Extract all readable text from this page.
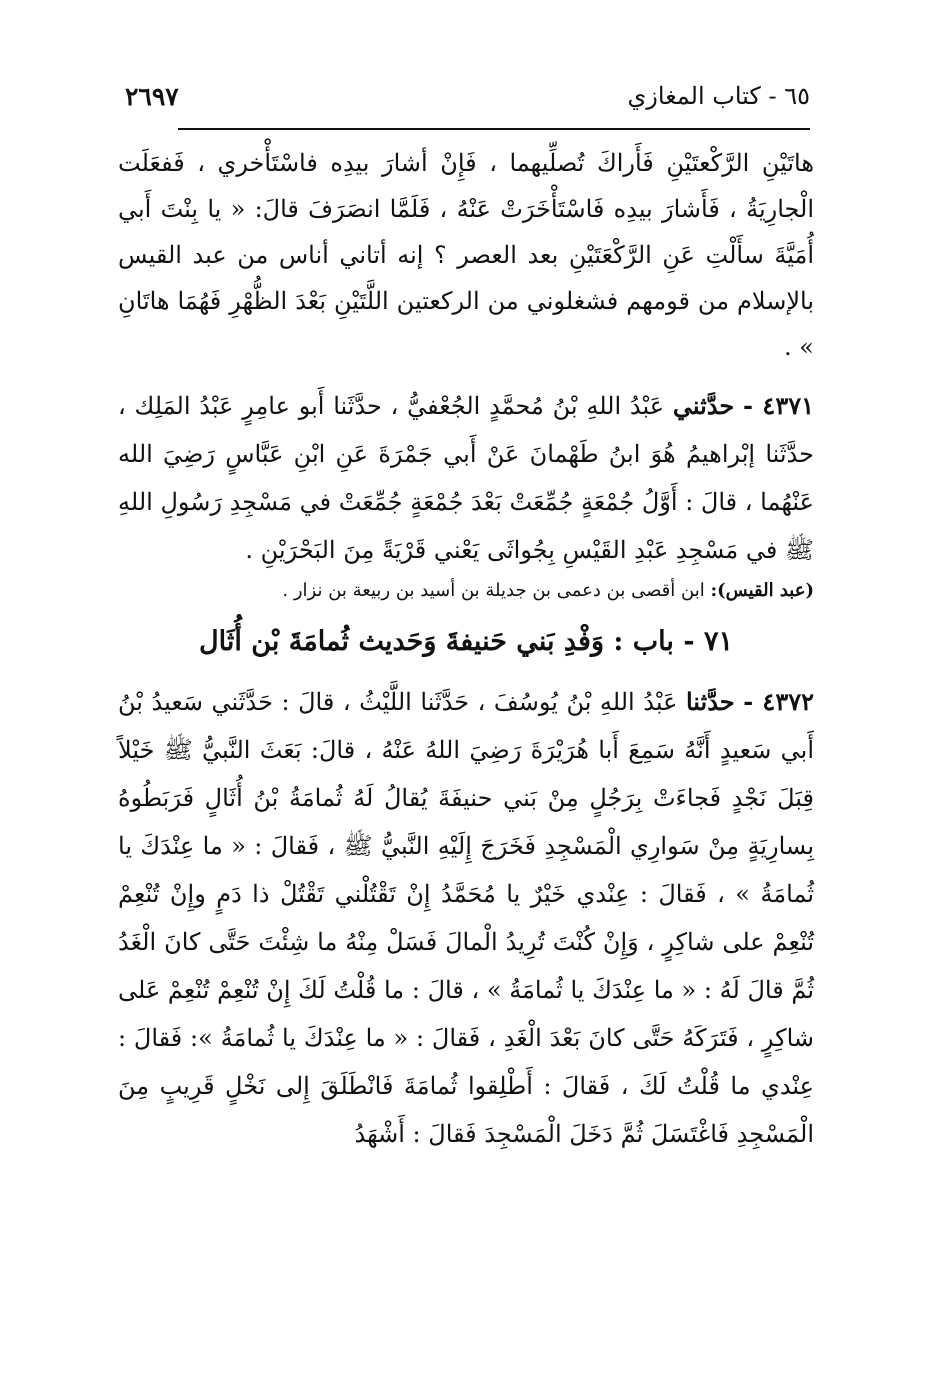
٦٥ - كتاب المغازي
٢٦٩٧

هاتَيْنِ الرَّكْعتَيْنِ فَأَراكَ تُصلِّيهما ، فَإِنْ أشارَ بيدِه فاسْتَأْخري ، فَفعَلَت الْجارِيَةُ ، فَأَشارَ بيدِه فَاسْتَأْخَرَتْ عَنْهُ ، فَلَمَّا انصَرَفَ قالَ: « يا بِنْتَ أَبي أُمَيَّةَ سأَلْتِ عَنِ الرَّكْعَتَيْنِ بعد العصر ؟ إنه أتاني أناس من عبد القيس بالإسلام من قومهم فشغلوني من الركعتين اللَّتَيْنِ بَعْدَ الظُّهْرِ فَهُمَا هاتَانِ » .

٤٣٧١ - حدَّثني عَبْدُ اللهِ بْنُ مُحمَّدٍ الجُعْفيُّ ، حدَّثَنا أَبو عامِرٍ عَبْدُ المَلِك ، حدَّثَنا إبْراهيمُ هُوَ ابنُ طَهْمانَ عَنْ أَبي جَمْرَةَ عَنِ ابْنِ عَبَّاسٍ رَضِيَ الله عَنْهُما ، قالَ : أَوَّلُ جُمْعَةٍ جُمِّعَتْ بَعْدَ جُمْعَةٍ جُمِّعَتْ في مَسْجِدِ رَسُولِ اللهِ ﷺ في مَسْجِدِ عَبْدِ القَيْسِ بِجُواثَى يَعْني قَرْيَةً مِنَ البَحْرَيْنِ .

(عبد القيس): ابن أقصى بن دعمى بن جديلة بن أسيد بن ربيعة بن نزار .

٧١ - باب : وَفْدِ بَني حَنيفةَ وَحَديث ثُمامَةَ بْن أُثَال

٤٣٧٢ - حدَّثنا عَبْدُ اللهِ بْنُ يُوسُفَ ، حَدَّثَنا اللَّيْثُ ، قالَ : حَدَّثَني سَعيدُ بْنُ أَبي سَعيدٍ أَنَّهُ سَمِعَ أَبا هُرَيْرَةَ رَضِيَ اللهُ عَنْهُ ، قالَ: بَعَثَ النَّبيُّ ﷺ خَيْلاً قِبَلَ نَجْدٍ فَجاءَتْ بِرَجُلٍ مِنْ بَني حنيفَةَ يُقالُ لَهُ ثُمامَةُ بْنُ أُثَالٍ فَرَبَطُوهُ بِسارِيَةٍ مِنْ سَوارِي الْمَسْجِدِ فَخَرَجَ إِلَيْهِ النَّبيُّ ﷺ ، فَقالَ : « ما عِنْدَكَ يا ثُمامَةُ » ، فَقالَ : عِنْدي خَيْرٌ يا مُحَمَّدُ إِنْ تَقْتُلْني تَقْتُلْ ذا دَمٍ وإِنْ تُنْعِمْ تُنْعِمْ على شاكِرٍ ، وَإِنْ كُنْتَ تُرِيدُ الْمالَ فَسَلْ مِنْهُ ما شِئْتَ حَتَّى كانَ الْغَدُ ثُمَّ قالَ لَهُ : « ما عِنْدَكَ يا ثُمامَةُ » ، قالَ : ما قُلْتُ لَكَ إِنْ تُنْعِمْ تُنْعِمْ عَلى شاكِرٍ ، فَتَرَكَهُ حَتَّى كانَ بَعْدَ الْغَدِ ، فَقالَ : « ما عِنْدَكَ يا ثُمامَةُ »: فَقالَ : عِنْدي ما قُلْتُ لَكَ ، فَقالَ : أَطْلِقوا ثُمامَةَ فَانْطَلَقَ إِلى نَخْلٍ قَرِيبٍ مِنَ الْمَسْجِدِ فَاغْتَسَلَ ثُمَّ دَخَلَ الْمَسْجِدَ فَقالَ : أَشْهَدُ
